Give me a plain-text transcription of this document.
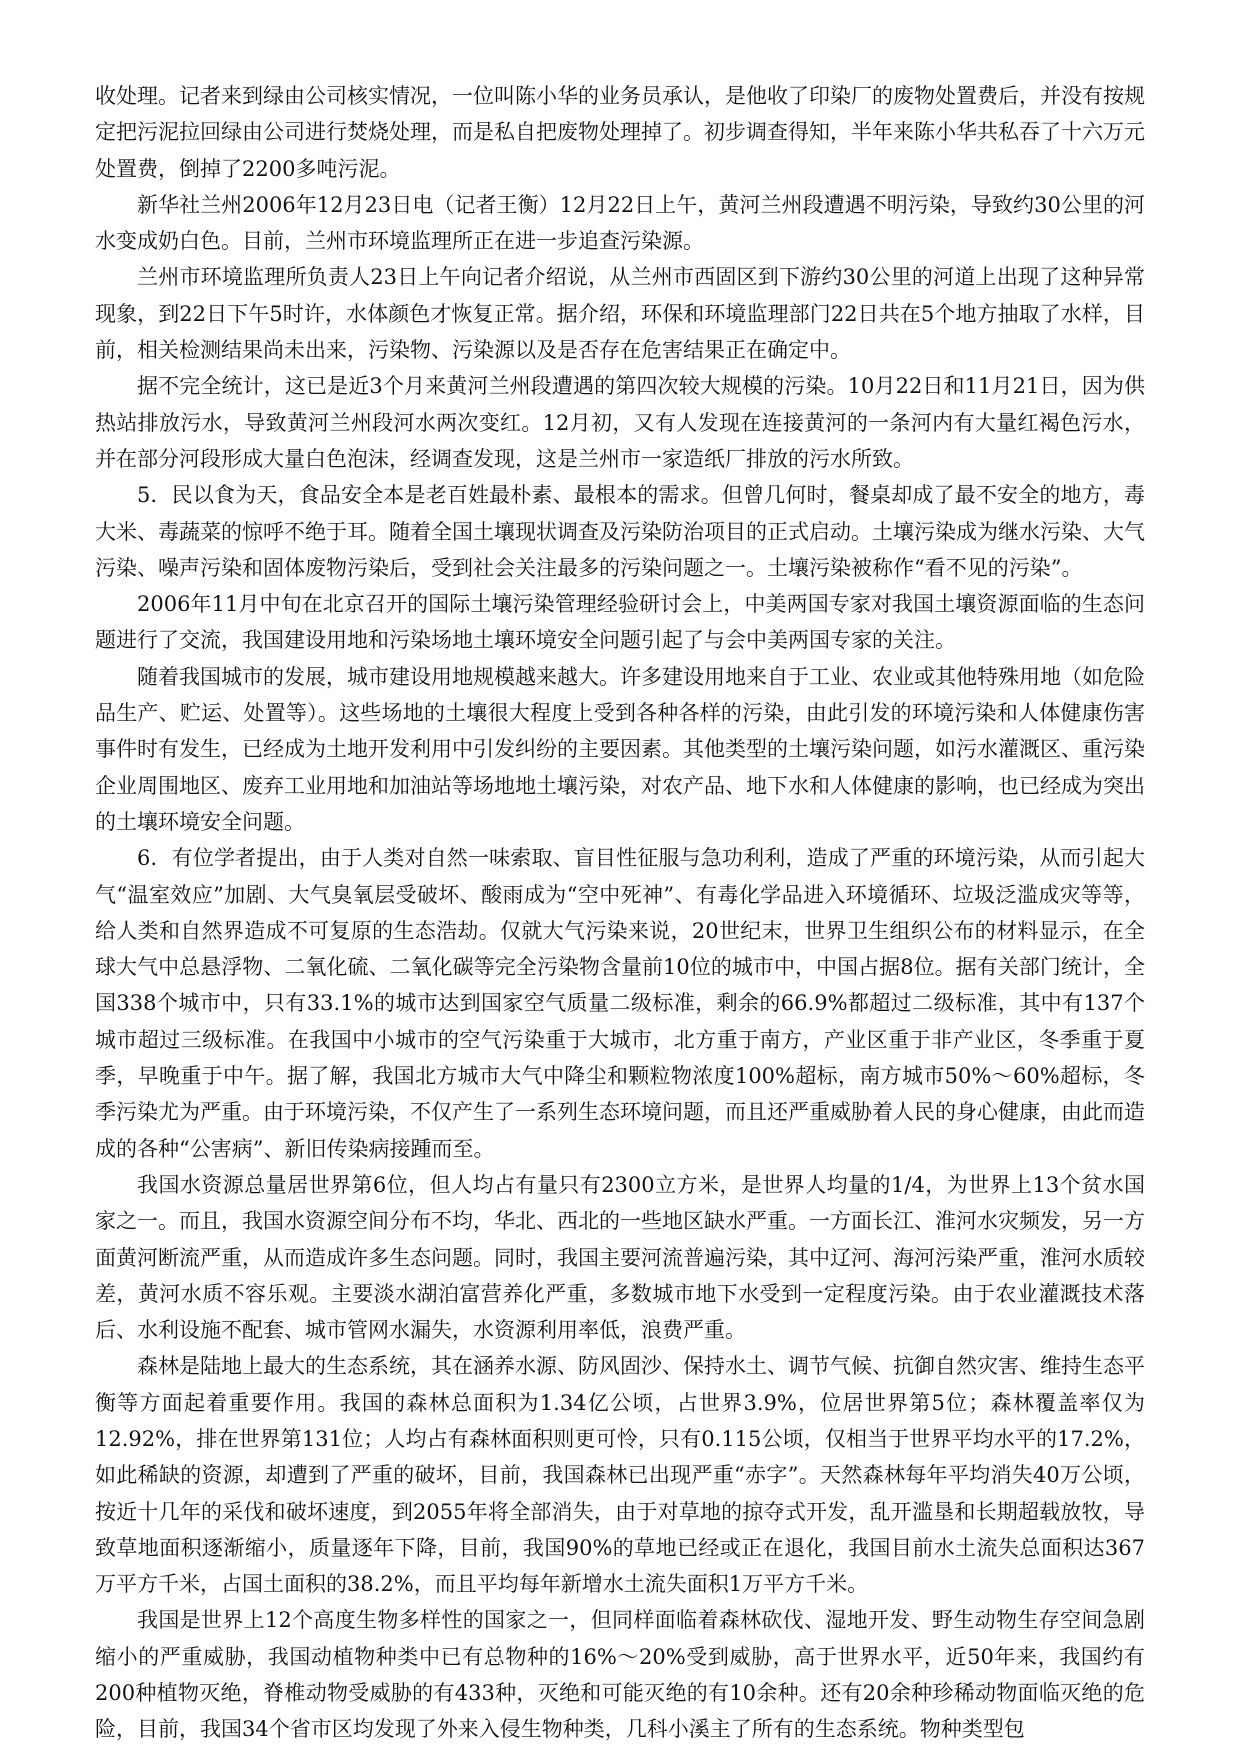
收处理。记者来到绿由公司核实情况，一位叫陈小华的业务员承认，是他收了印染厂的废物处置费后，并没有按规定把污泥拉回绿由公司进行焚烧处理，而是私自把废物处理掉了。初步调查得知，半年来陈小华共私吞了十六万元处置费，倒掉了2200多吨污泥。

新华社兰州2006年12月23日电（记者王衡）12月22日上午，黄河兰州段遭遇不明污染，导致约30公里的河水变成奶白色。目前，兰州市环境监理所正在进一步追查污染源。

兰州市环境监理所负责人23日上午向记者介绍说，从兰州市西固区到下游约30公里的河道上出现了这种异常现象，到22日下午5时许，水体颜色才恢复正常。据介绍，环保和环境监理部门22日共在5个地方抽取了水样，目前，相关检测结果尚未出来，污染物、污染源以及是否存在危害结果正在确定中。

据不完全统计，这已是近3个月来黄河兰州段遭遇的第四次较大规模的污染。10月22日和11月21日，因为供热站排放污水，导致黄河兰州段河水两次变红。12月初，又有人发现在连接黄河的一条河内有大量红褐色污水，并在部分河段形成大量白色泡沫，经调查发现，这是兰州市一家造纸厂排放的污水所致。

5．民以食为天，食品安全本是老百姓最朴素、最根本的需求。但曾几何时，餐桌却成了最不安全的地方，毒大米、毒蔬菜的惊呼不绝于耳。随着全国土壤现状调查及污染防治项目的正式启动。土壤污染成为继水污染、大气污染、噪声污染和固体废物污染后，受到社会关注最多的污染问题之一。土壤污染被称作“看不见的污染”。

2006年11月中旬在北京召开的国际土壤污染管理经验研讨会上，中美两国专家对我国土壤资源面临的生态问题进行了交流，我国建设用地和污染场地土壤环境安全问题引起了与会中美两国专家的关注。

随着我国城市的发展，城市建设用地规模越来越大。许多建设用地来自于工业、农业或其他特殊用地（如危险品生产、贮运、处置等）。这些场地的土壤很大程度上受到各种各样的污染，由此引发的环境污染和人体健康伤害事件时有发生，已经成为土地开发利用中引发纠纷的主要因素。其他类型的土壤污染问题，如污水灌溉区、重污染企业周围地区、废弃工业用地和加油站等场地地土壤污染，对农产品、地下水和人体健康的影响，也已经成为突出的土壤环境安全问题。

6．有位学者提出，由于人类对自然一味索取、盲目性征服与急功利利，造成了严重的环境污染，从而引起大气“温室效应”加剧、大气臭氧层受破坏、酸雨成为“空中死神”、有毒化学品进入环境循环、垃圾泛滥成灾等等，给人类和自然界造成不可复原的生态浩劫。仅就大气污染来说，20世纪末，世界卫生组织公布的材料显示，在全球大气中总悬浮物、二氧化硫、二氧化碳等完全污染物含量前10位的城市中，中国占据8位。据有关部门统计，全国338个城市中，只有33.1%的城市达到国家空气质量二级标准，剩余的66.9%都超过二级标准，其中有137个城市超过三级标准。在我国中小城市的空气污染重于大城市，北方重于南方，产业区重于非产业区，冬季重于夏季，早晚重于中午。据了解，我国北方城市大气中降尘和颗粒物浓度100%超标，南方城市50%～60%超标，冬季污染尤为严重。由于环境污染，不仅产生了一系列生态环境问题，而且还严重威胁着人民的身心健康，由此而造成的各种“公害病”、新旧传染病接踵而至。

我国水资源总量居世界第6位，但人均占有量只有2300立方米，是世界人均量的1/4，为世界上13个贫水国家之一。而且，我国水资源空间分布不均，华北、西北的一些地区缺水严重。一方面长江、淮河水灾频发，另一方面黄河断流严重，从而造成许多生态问题。同时，我国主要河流普遍污染，其中辽河、海河污染严重，淮河水质较差，黄河水质不容乐观。主要淡水湖泊富营养化严重，多数城市地下水受到一定程度污染。由于农业灌溉技术落后、水利设施不配套、城市管网水漏失，水资源利用率低，浪费严重。

森林是陆地上最大的生态系统，其在涵养水源、防风固沙、保持水土、调节气候、抗御自然灾害、维持生态平衡等方面起着重要作用。我国的森林总面积为1.34亿公顷，占世界3.9%，位居世界第5位；森林覆盖率仅为12.92%，排在世界第131位；人均占有森林面积则更可怜，只有0.115公顷，仅相当于世界平均水平的17.2%，如此稀缺的资源，却遭到了严重的破坏，目前，我国森林已出现严重“赤字”。天然森林每年平均消失40万公顷，按近十几年的采伐和破坏速度，到2055年将全部消失，由于对草地的掠夺式开发，乱开滥垦和长期超载放牧，导致草地面积逐渐缩小，质量逐年下降，目前，我国90%的草地已经或正在退化，我国目前水土流失总面积达367万平方千米，占国土面积的38.2%，而且平均每年新增水土流失面积1万平方千米。

我国是世界上12个高度生物多样性的国家之一，但同样面临着森林砍伐、湿地开发、野生动物生存空间急剧缩小的严重威胁，我国动植物种类中已有总物种的16%～20%受到威胁，高于世界水平，近50年来，我国约有200种植物灭绝，脊椎动物受威胁的有433种，灭绝和可能灭绝的有10余种。还有20余种珍稀动物面临灭绝的危险，目前，我国34个省市区均发现了外来入侵生物种类，几科小溪主了所有的生态系统。物种类型包
